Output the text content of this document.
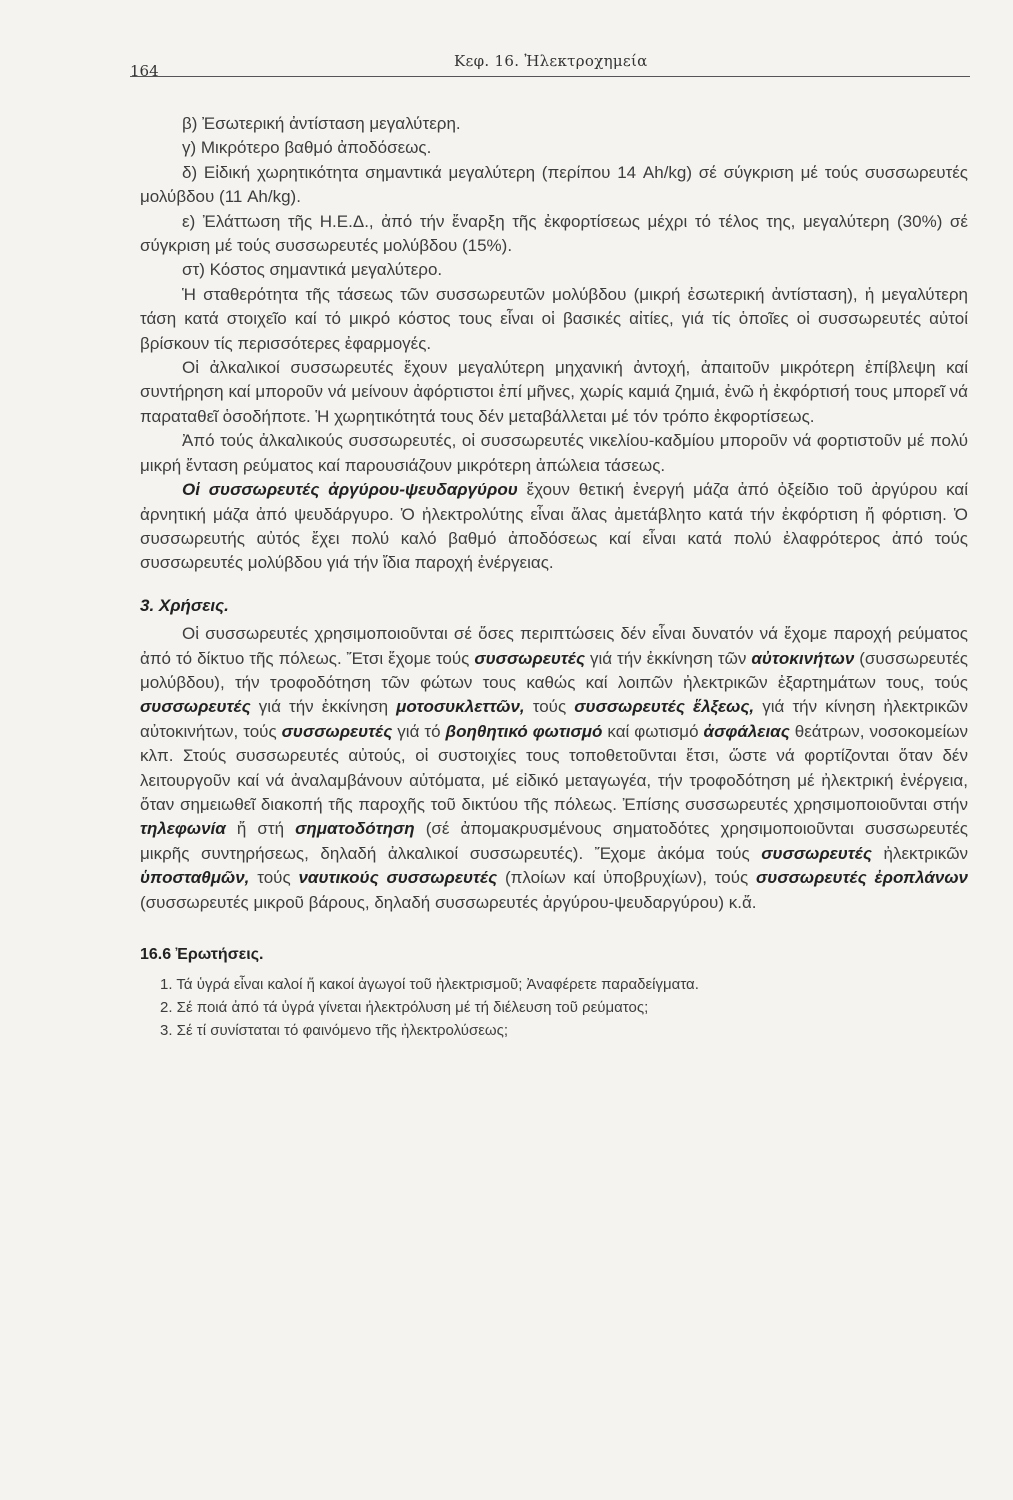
164
Κεφ. 16. Ἠλεκτροχημεία

β) Ἐσωτερική ἀντίσταση μεγαλύτερη.

γ) Μικρότερο βαθμό ἀποδόσεως.

δ) Εἰδική χωρητικότητα σημαντικά μεγαλύτερη (περίπου 14 Ah/kg) σέ σύγκριση μέ τούς συσσωρευτές μολύβδου (11 Ah/kg).

ε) Ἐλάττωση τῆς Η.Ε.Δ., ἀπό τήν ἔναρξη τῆς ἐκφορτίσεως μέχρι τό τέλος της, μεγαλύτερη (30%) σέ σύγκριση μέ τούς συσσωρευτές μολύβδου (15%).

στ) Κόστος σημαντικά μεγαλύτερο.

Ἡ σταθερότητα τῆς τάσεως τῶν συσσωρευτῶν μολύβδου (μικρή ἐσωτερική ἀντίσταση), ἡ μεγαλύτερη τάση κατά στοιχεῖο καί τό μικρό κόστος τους εἶναι οἱ βασικές αἰτίες, γιά τίς ὁποῖες οἱ συσσωρευτές αὐτοί βρίσκουν τίς περισσότερες ἐφαρμογές.

Οἱ ἀλκαλικοί συσσωρευτές ἔχουν μεγαλύτερη μηχανική ἀντοχή, ἀπαιτοῦν μικρότερη ἐπίβλεψη καί συντήρηση καί μποροῦν νά μείνουν ἀφόρτιστοι ἐπί μῆνες, χωρίς καμιά ζημιά, ἐνῶ ἡ ἐκφόρτισή τους μπορεῖ νά παραταθεῖ ὁσοδήποτε. Ἡ χωρητικότητά τους δέν μεταβάλλεται μέ τόν τρόπο ἐκφορτίσεως.

Ἀπό τούς ἀλκαλικούς συσσωρευτές, οἱ συσσωρευτές νικελίου-καδμίου μποροῦν νά φορτιστοῦν μέ πολύ μικρή ἔνταση ρεύματος καί παρουσιάζουν μικρότερη ἀπώλεια τάσεως.

Οἱ συσσωρευτές ἀργύρου-ψευδαργύρου ἔχουν θετική ἐνεργή μάζα ἀπό ὀξείδιο τοῦ ἀργύρου καί ἀρνητική μάζα ἀπό ψευδάργυρο. Ὁ ἠλεκτρολύτης εἶναι ἄλας ἀμετάβλητο κατά τήν ἐκφόρτιση ἤ φόρτιση. Ὁ συσσωρευτής αὐτός ἔχει πολύ καλό βαθμό ἀποδόσεως καί εἶναι κατά πολύ ἐλαφρότερος ἀπό τούς συσσωρευτές μολύβδου γιά τήν ἴδια παροχή ἐνέργειας.

3. Χρήσεις.

Οἱ συσσωρευτές χρησιμοποιοῦνται σέ ὅσες περιπτώσεις δέν εἶναι δυνατόν νά ἔχομε παροχή ρεύματος ἀπό τό δίκτυο τῆς πόλεως. Ἔτσι ἔχομε τούς συσσωρευτές γιά τήν ἐκκίνηση τῶν αὐτοκινήτων (συσσωρευτές μολύβδου), τήν τροφοδότηση τῶν φώτων τους καθώς καί λοιπῶν ἠλεκτρικῶν ἐξαρτημάτων τους, τούς συσσωρευτές γιά τήν ἐκκίνηση μοτοσυκλεττῶν, τούς συσσωρευτές ἕλξεως, γιά τήν κίνηση ἠλεκτρικῶν αὐτοκινήτων, τούς συσσωρευτές γιά τό βοηθητικό φωτισμό καί φωτισμό ἀσφάλειας θεάτρων, νοσοκομείων κλπ. Στούς συσσωρευτές αὐτούς, οἱ συστοιχίες τους τοποθετοῦνται ἔτσι, ὥστε νά φορτίζονται ὅταν δέν λειτουργοῦν καί νά ἀναλαμβάνουν αὐτόματα, μέ εἰδικό μεταγωγέα, τήν τροφοδότηση μέ ἠλεκτρική ἐνέργεια, ὅταν σημειωθεῖ διακοπή τῆς παροχῆς τοῦ δικτύου τῆς πόλεως. Ἐπίσης συσσωρευτές χρησιμοποιοῦνται στήν τηλεφωνία ἤ στή σηματοδότηση (σέ ἀπομακρυσμένους σηματοδότες χρησιμοποιοῦνται συσσωρευτές μικρῆς συντηρήσεως, δηλαδή ἀλκαλικοί συσσωρευτές). Ἔχομε ἀκόμα τούς συσσωρευτές ἠλεκτρικῶν ὑποσταθμῶν, τούς ναυτικούς συσσωρευτές (πλοίων καί ὑποβρυχίων), τούς συσσωρευτές ἐροπλάνων (συσσωρευτές μικροῦ βάρους, δηλαδή συσσωρευτές ἀργύρου-ψευδαργύρου) κ.ἄ.

16.6 Ἐρωτήσεις.

1. Τά ὑγρά εἶναι καλοί ἤ κακοί ἀγωγοί τοῦ ἠλεκτρισμοῦ; Ἀναφέρετε παραδείγματα.

2. Σέ ποιά ἀπό τά ὑγρά γίνεται ἠλεκτρόλυση μέ τή διέλευση τοῦ ρεύματος;

3. Σέ τί συνίσταται τό φαινόμενο τῆς ἠλεκτρολύσεως;
